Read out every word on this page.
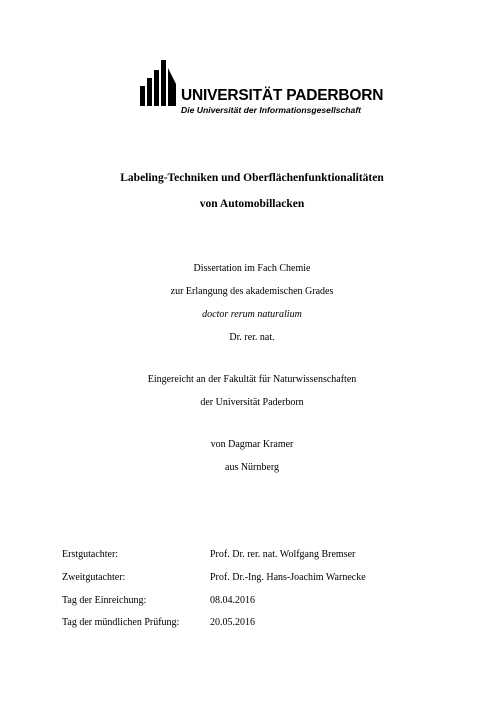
UNIVERSITÄT PADERBORN
Die Universität der Informationsgesellschaft
Labeling-Techniken und Oberflächenfunktionalitäten
von Automobillacken
Dissertation im Fach Chemie
zur Erlangung des akademischen Grades
doctor rerum naturalium
Dr. rer. nat.
Eingereicht an der Fakultät für Naturwissenschaften
der Universität Paderborn
von Dagmar Kramer
aus Nürnberg
Erstgutachter:	Prof. Dr. rer. nat. Wolfgang Bremser
Zweitgutachter:	Prof. Dr.-Ing. Hans-Joachim Warnecke
Tag der Einreichung:	08.04.2016
Tag der mündlichen Prüfung:	20.05.2016
